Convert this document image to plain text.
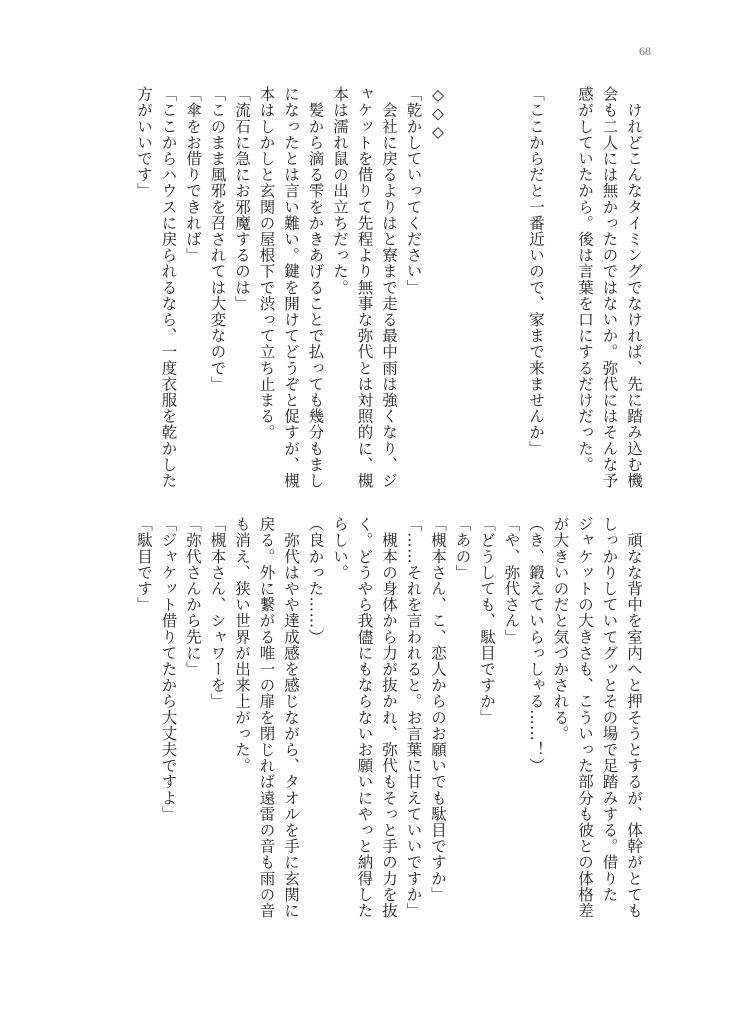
68
　けれどこんなタイミングでなければ、先に踏み込む機
会も二人には無かったのではないか。弥代にはそんな予
感がしていたから。後は言葉を口にするだけだった。
「ここからだと一番近いので、家まで来ませんか」
◇◇◇
「乾かしていってください」
　会社に戻るよりはと寮まで走る最中雨は強くなり、ジ
ャケットを借りて先程より無事な弥代とは対照的に、槻
本は濡れ鼠の出立ちだった。
　髪から滴る雫をかきあげることで払っても幾分もまし
になったとは言い難い。鍵を開けてどうぞと促すが、槻
本はしかしと玄関の屋根下で渋って立ち止まる。
「流石に急にお邪魔するのは」
「このまま風邪を召されては大変なので」
「傘をお借りできれば」
「ここからハウスに戻られるなら、一度衣服を乾かした
方がいいです」
　頑なな背中を室内へと押そうとするが、体幹がとても
しっかりしていてグッとその場で足踏みする。借りた
ジャケットの大きさも、こういった部分も彼との体格差
が大きいのだと気づかされる。
（き、鍛えていらっしゃる……！）
「や、弥代さん」
「どうしても、駄目ですか」
「あの」
「槻本さん、こ、恋人からのお願いでも駄目ですか」
「……それを言われると。お言葉に甘えていいですか」
　槻本の身体から力が抜かれ、弥代もそっと手の力を抜
く。どうやら我儘にもならないお願いにやっと納得した
らしい。
（良かった……）
　弥代はやや達成感を感じながら、タオルを手に玄関に
戻る。外に繋がる唯一の扉を閉じれば遠雷の音も雨の音
も消え、狭い世界が出来上がった。
「槻本さん、シャワーを」
「弥代さんから先に」
「ジャケット借りてたから大丈夫ですよ」
「駄目です」
